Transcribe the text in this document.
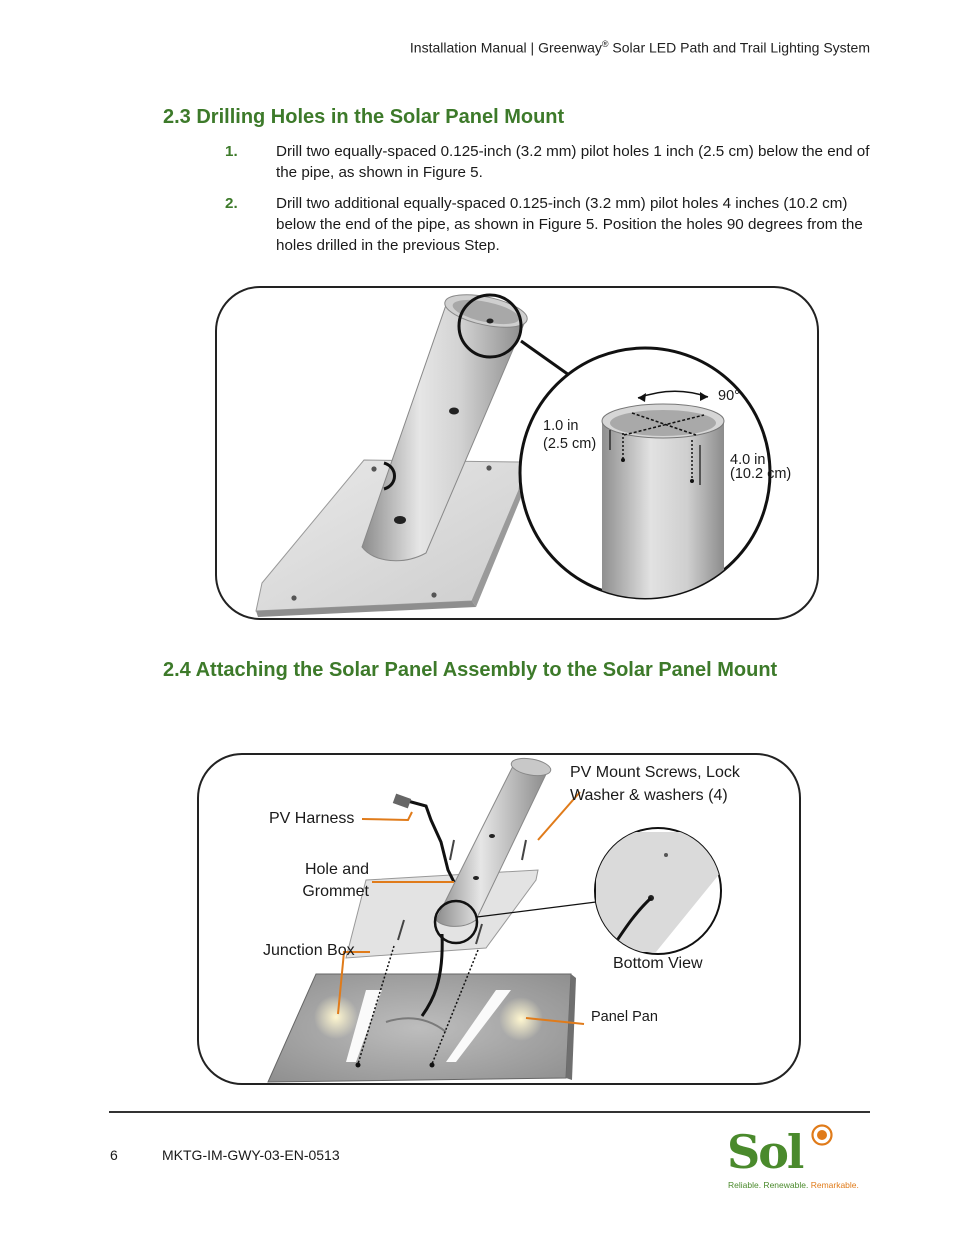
Installation Manual | Greenway® Solar LED Path and Trail Lighting System
2.3 Drilling Holes in the Solar Panel Mount
1.	Drill two equally-spaced 0.125-inch (3.2 mm) pilot holes 1 inch (2.5 cm) below the end of the pipe, as shown in Figure 5.
2.	Drill two additional equally-spaced 0.125-inch (3.2 mm) pilot holes 4 inches (10.2 cm) below the end of the pipe, as shown in Figure 5. Position the holes 90 degrees from the holes drilled in the previous Step.
90°
1.0 in
(2.5 cm)
4.0 in
(10.2 cm)
2.4 Attaching the Solar Panel Assembly to the Solar Panel Mount
PV Harness
Hole and
Grommet
Junction Box
PV Mount Screws, Lock
Washer & washers (4)
Bottom View
Panel Pan
6	MKTG-IM-GWY-03-EN-0513	Sol
Reliable. Renewable. Remarkable.
